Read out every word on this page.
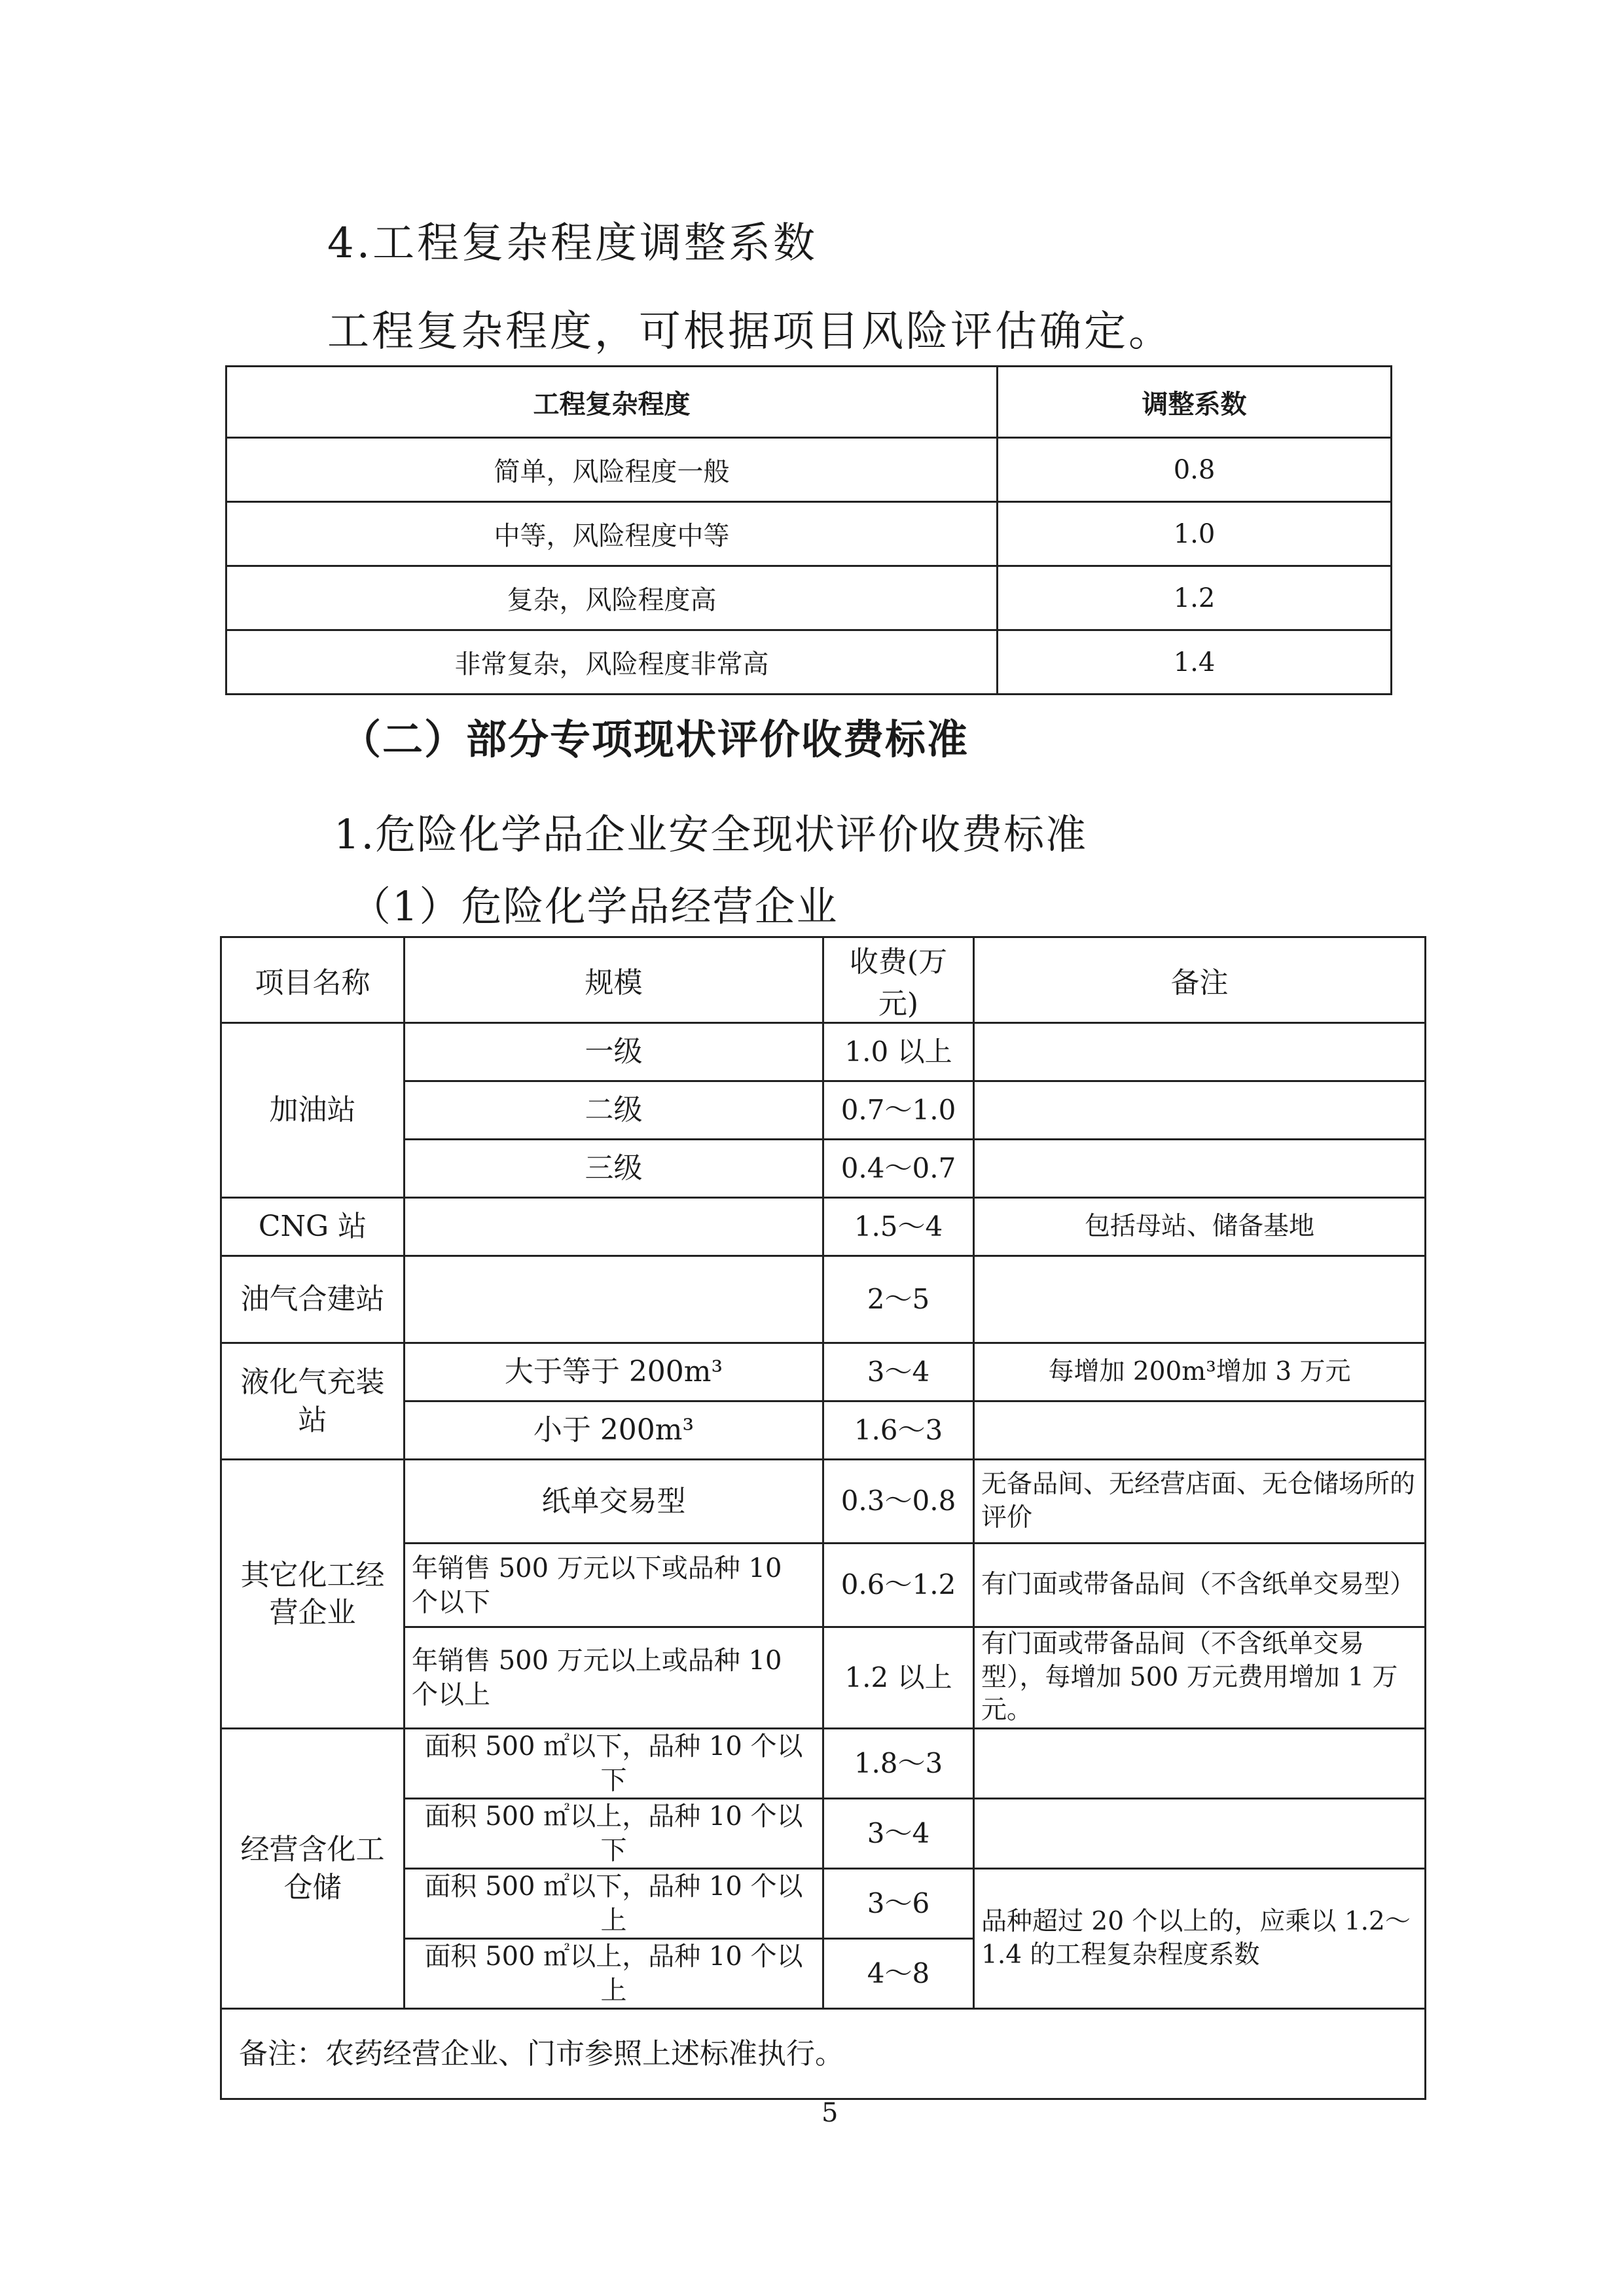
4.工程复杂程度调整系数
工程复杂程度，可根据项目风险评估确定。
工程复杂程度	调整系数
简单，风险程度一般	0.8
中等，风险程度中等	1.0
复杂，风险程度高	1.2
非常复杂，风险程度非常高	1.4
（二）部分专项现状评价收费标准
1.危险化学品企业安全现状评价收费标准
（1）危险化学品经营企业
项目名称	规模	收费(万元)	备注
加油站	一级	1.0 以上	
	二级	0.7～1.0	
	三级	0.4～0.7	
CNG 站		1.5～4	包括母站、储备基地
油气合建站		2～5	
液化气充装站	大于等于 200m³	3～4	每增加 200m³增加 3 万元
	小于 200m³	1.6～3	
其它化工经营企业	纸单交易型	0.3～0.8	无备品间、无经营店面、无仓储场所的评价
	年销售 500 万元以下或品种 10 个以下	0.6～1.2	有门面或带备品间（不含纸单交易型）
	年销售 500 万元以上或品种 10 个以上	1.2 以上	有门面或带备品间（不含纸单交易型），每增加 500 万元费用增加 1 万元。
经营含化工仓储	面积 500 ㎡以下，品种 10 个以下	1.8～3	
	面积 500 ㎡以上，品种 10 个以下	3～4	
	面积 500 ㎡以下，品种 10 个以上	3～6	品种超过 20 个以上的，应乘以 1.2～1.4 的工程复杂程度系数
	面积 500 ㎡以上，品种 10 个以上	4～8	
备注：农药经营企业、门市参照上述标准执行。			
5
